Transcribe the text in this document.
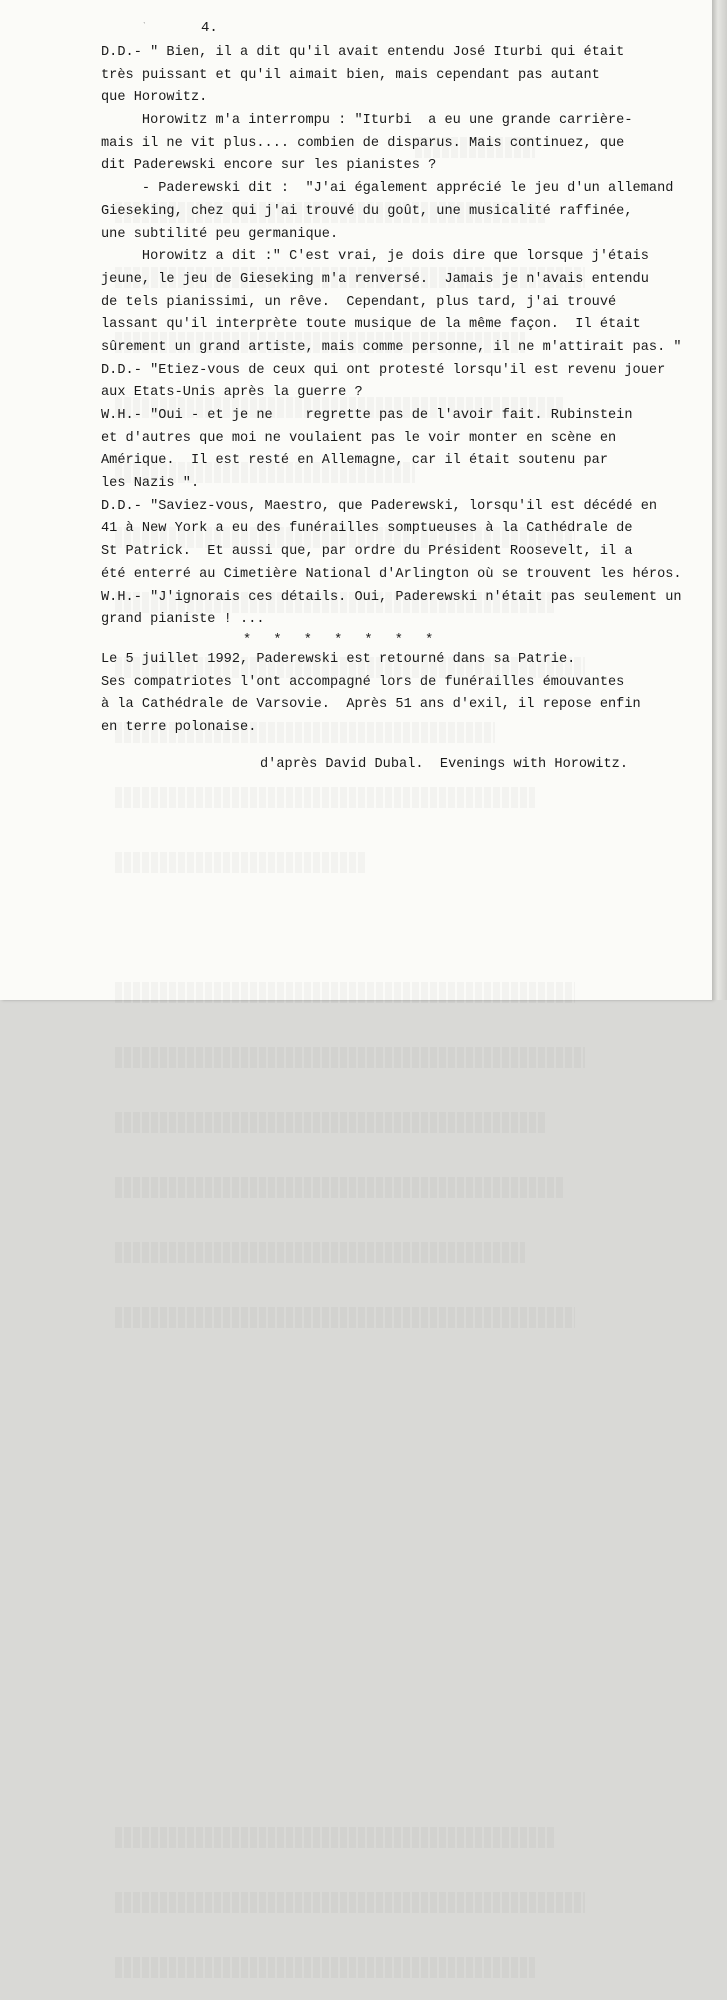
ˋ	4.
D.D.- " Bien, il a dit qu'il avait entendu José Iturbi qui était
très puissant et qu'il aimait bien, mais cependant pas autant
que Horowitz.
Horowitz m'a interrompu : "Iturbi  a eu une grande carrière-
mais il ne vit plus.... combien de disparus. Mais continuez, que
dit Paderewski encore sur les pianistes ?
- Paderewski dit :  "J'ai également apprécié le jeu d'un allemand
Gieseking, chez qui j'ai trouvé du goût, une musicalité raffinée,
une subtilité peu germanique.
Horowitz a dit :" C'est vrai, je dois dire que lorsque j'étais
jeune, le jeu de Gieseking m'a renversé.  Jamais je n'avais entendu
de tels pianissimi, un rêve.  Cependant, plus tard, j'ai trouvé
lassant qu'il interprète toute musique de la même façon.  Il était
sûrement un grand artiste, mais comme personne, il ne m'attirait pas. "
D.D.- "Etiez-vous de ceux qui ont protesté lorsqu'il est revenu jouer
aux Etats-Unis après la guerre ?
W.H.- "Oui - et je ne    regrette pas de l'avoir fait. Rubinstein
et d'autres que moi ne voulaient pas le voir monter en scène en
Amérique.  Il est resté en Allemagne, car il était soutenu par
les Nazis ".
D.D.- "Saviez-vous, Maestro, que Paderewski, lorsqu'il est décédé en
41 à New York a eu des funérailles somptueuses à la Cathédrale de
St Patrick.  Et aussi que, par ordre du Président Roosevelt, il a
été enterré au Cimetière National d'Arlington où se trouvent les héros.
W.H.- "J'ignorais ces détails. Oui, Paderewski n'était pas seulement un
grand pianiste ! ...
* * * * * * *
Le 5 juillet 1992, Paderewski est retourné dans sa Patrie.
Ses compatriotes l'ont accompagné lors de funérailles émouvantes
à la Cathédrale de Varsovie.  Après 51 ans d'exil, il repose enfin
en terre polonaise.
d'après David Dubal.  Evenings with Horowitz.
